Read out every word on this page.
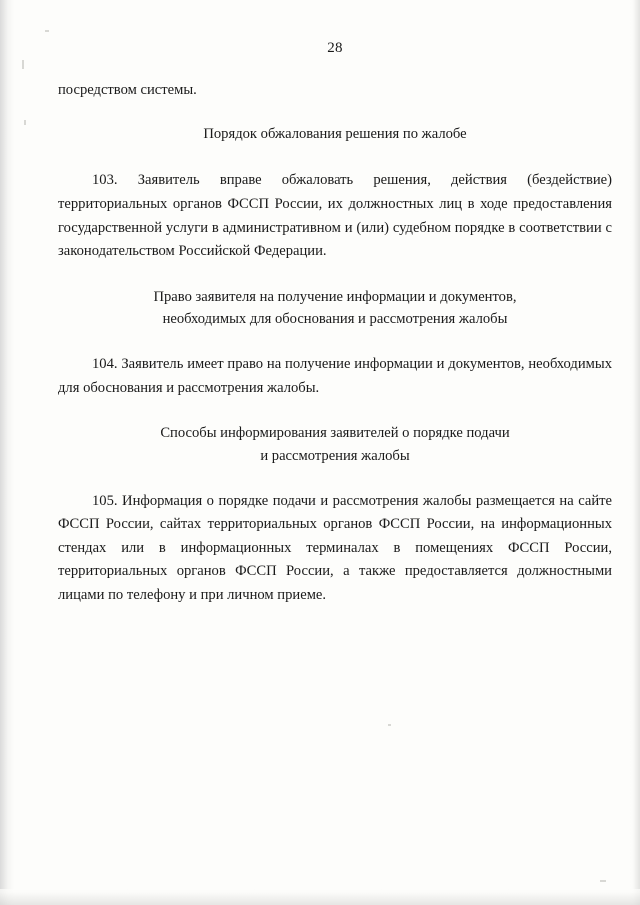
28

посредством системы.

Порядок обжалования решения по жалобе

103. Заявитель вправе обжаловать решения, действия (бездействие) территориальных органов ФССП России, их должностных лиц в ходе предоставления государственной услуги в административном и (или) судебном порядке в соответствии с законодательством Российской Федерации.

Право заявителя на получение информации и документов,
необходимых для обоснования и рассмотрения жалобы

104. Заявитель имеет право на получение информации и документов, необходимых для обоснования и рассмотрения жалобы.

Способы информирования заявителей о порядке подачи
и рассмотрения жалобы

105. Информация о порядке подачи и рассмотрения жалобы размещается на сайте ФССП России, сайтах территориальных органов ФССП России, на информационных стендах или в информационных терминалах в помещениях ФССП России, территориальных органов ФССП России, а также предоставляется должностными лицами по телефону и при личном приеме.
